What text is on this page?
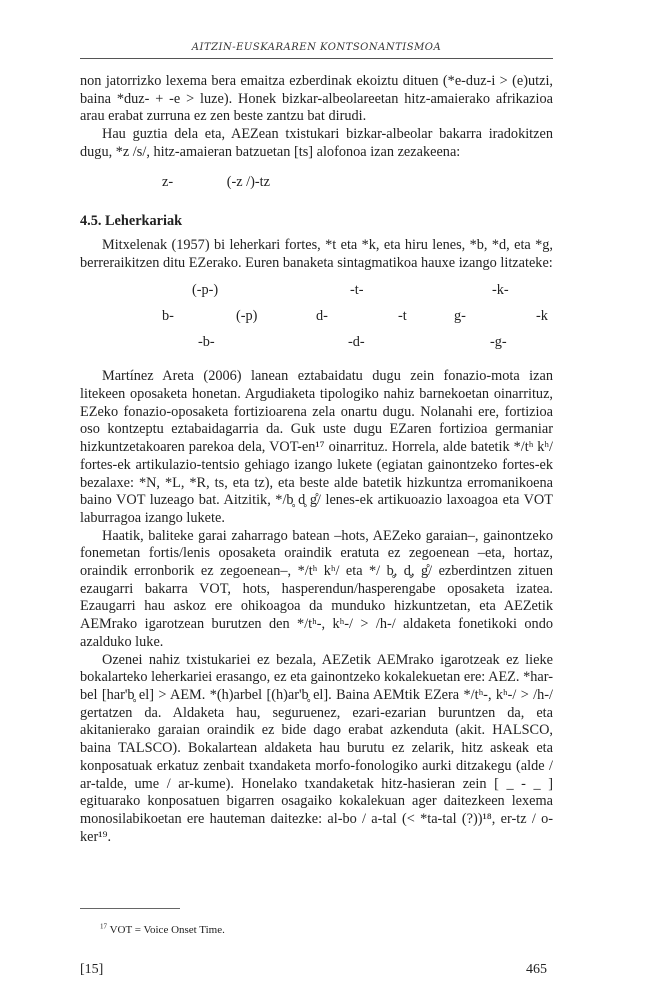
AITZIN-EUSKARAREN KONTSONANTISMOA

non jatorrizko lexema bera emaitza ezberdinak ekoiztu dituen (*e-duz-i > (e)utzi, baina *duz- + -e > luze). Honek bizkar-albeolareetan hitz-amaierako afrikazioa arau erabat zurruna ez zen beste zantzu bat dirudi.

Hau guztia dela eta, AEZean txistukari bizkar-albeolar bakarra iradokitzen dugu, *z /s/, hitz-amaieran batzuetan [ts] alofonoa izan zezakeena:

z-	(-z /)-tz

4.5. Leherkariak

Mitxelenak (1957) bi leherkari fortes, *t eta *k, eta hiru lenes, *b, *d, eta *g, berreraikitzen ditu EZerako. Euren banaketa sintagmatikoa hauxe izango litzateke:

(-p-)	-t-	-k-
b-	(-p)	d-	-t	g-	-k
-b-	-d-	-g-

Martínez Areta (2006) lanean eztabaidatu dugu zein fonazio-mota izan litekeen oposaketa honetan. Argudiaketa tipologiko nahiz barnekoetan oinarrituz, EZeko fonazio-oposaketa fortizioarena zela onartu dugu. Nolanahi ere, fortizioa oso kontzeptu eztabaidagarria da. Guk uste dugu EZaren fortizioa germaniar hizkuntzetakoaren parekoa dela, VOT-en¹⁷ oinarrituz. Horrela, alde batetik */tʰ kʰ/ fortes-ek artikulazio-tentsio gehiago izango lukete (egiatan gainontzeko fortes-ek bezalaxe: *N, *L, *R, ts, eta tz), eta beste alde batetik hizkuntza erromanikoena baino VOT luzeago bat. Aitzitik, */b̥ d̥ g̊/ lenes-ek artikuoazio laxoagoa eta VOT laburragoa izango lukete.

Haatik, baliteke garai zaharrago batean –hots, AEZeko garaian–, gainontzeko fonemetan fortis/lenis oposaketa oraindik eratuta ez zegoenean –eta, hortaz, oraindik erronborik ez zegoenean–, */tʰ kʰ/ eta */ b̥, d̥, g̊/ ezberdintzen zituen ezaugarri bakarra VOT, hots, hasperendun/hasperengabe oposaketa izatea. Ezaugarri hau askoz ere ohikoagoa da munduko hizkuntzetan, eta AEZetik AEMrako igarotzean burutzen den */tʰ-, kʰ-/ > /h-/ aldaketa fonetikoki ondo azalduko luke.

Ozenei nahiz txistukariei ez bezala, AEZetik AEMrako igarotzeak ez lieke bokalarteko leherkariei erasango, ez eta gainontzeko kokalekuetan ere: AEZ. *har-bel [har'b̥ el] > AEM. *(h)arbel [(h)ar'b̥ el]. Baina AEMtik EZera */tʰ-, kʰ-/ > /h-/ gertatzen da. Aldaketa hau, seguruenez, ezari-ezarian buruntzen da, eta akitanierako garaian oraindik ez bide dago erabat azkenduta (akit. HALSCO, baina TALSCO). Bokalartean aldaketa hau burutu ez zelarik, hitz askeak eta konposatuak erkatuz zenbait txandaketa morfo-fonologiko aurki ditzakegu (alde / ar-talde, ume / ar-kume). Honelako txandaketak hitz-hasieran zein [ _ - _ ] egituarako konposatuen bigarren osagaiko kokalekuan ager daitezkeen lexema monosilabikoetan ere hauteman daitezke: al-bo / a-tal (< *ta-tal (?))¹⁸, er-tz / o-ker¹⁹.

$^{17}$ VOT = Voice Onset Time.
[15]	465
